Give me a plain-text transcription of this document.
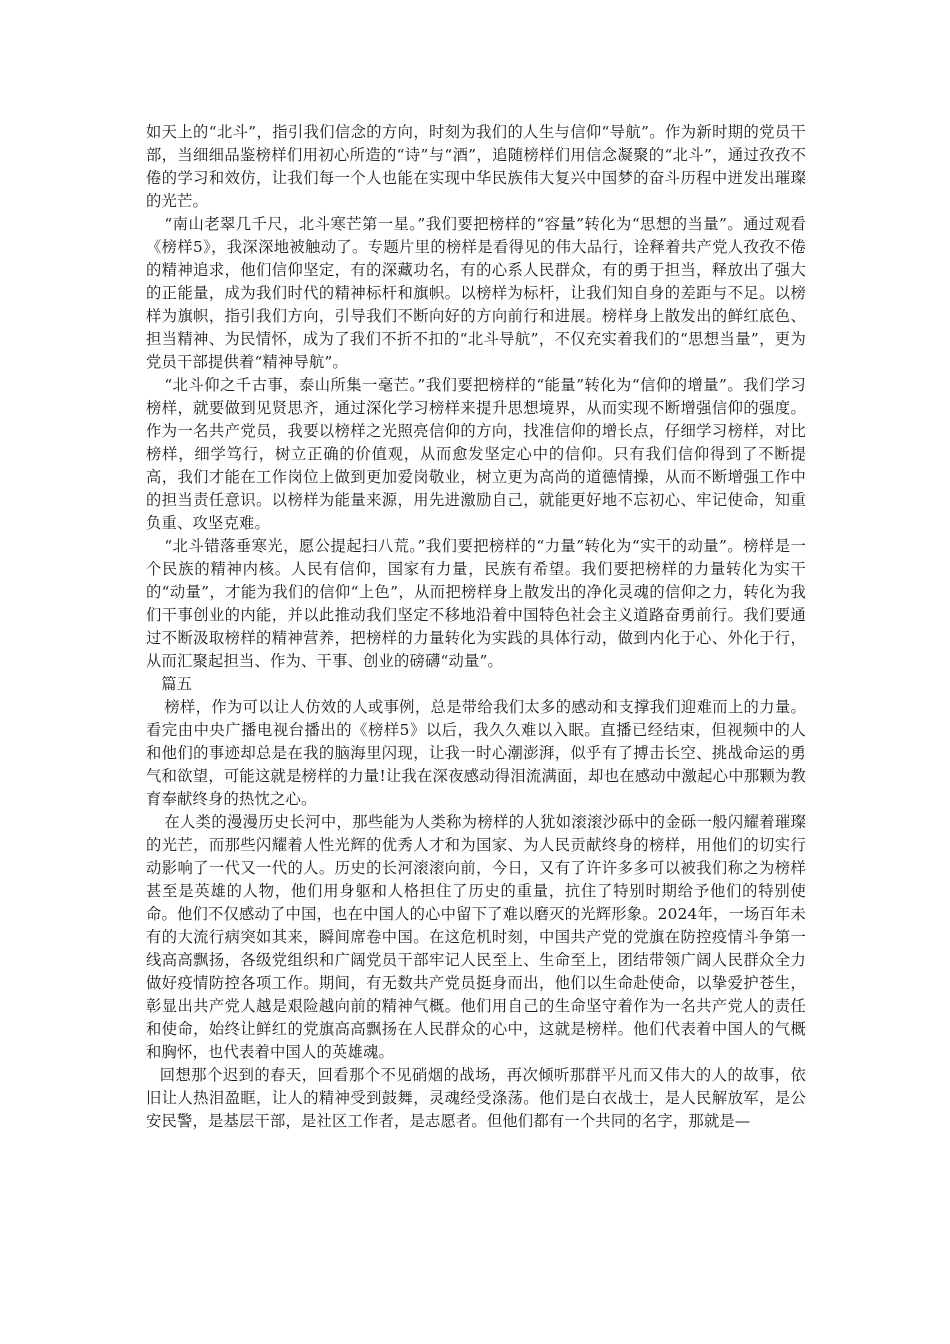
如天上的“北斗”，指引我们信念的方向，时刻为我们的人生与信仰“导航”。作为新时期的党员干部，当细细品鉴榜样们用初心所造的“诗”与“酒”，追随榜样们用信念凝聚的“北斗”，通过孜孜不倦的学习和效仿，让我们每一个人也能在实现中华民族伟大复兴中国梦的奋斗历程中迸发出璀璨的光芒。

“南山老翠几千尺，北斗寒芒第一星。”我们要把榜样的“容量”转化为“思想的当量”。通过观看《榜样5》，我深深地被触动了。专题片里的榜样是看得见的伟大品行，诠释着共产党人孜孜不倦的精神追求，他们信仰坚定，有的深藏功名，有的心系人民群众，有的勇于担当，释放出了强大的正能量，成为我们时代的精神标杆和旗帜。以榜样为标杆，让我们知自身的差距与不足。以榜样为旗帜，指引我们方向，引导我们不断向好的方向前行和进展。榜样身上散发出的鲜红底色、担当精神、为民情怀，成为了我们不折不扣的“北斗导航”，不仅充实着我们的“思想当量”，更为党员干部提供着“精神导航”。

“北斗仰之千古事，泰山所集一毫芒。”我们要把榜样的“能量”转化为“信仰的增量”。我们学习榜样，就要做到见贤思齐，通过深化学习榜样来提升思想境界，从而实现不断增强信仰的强度。作为一名共产党员，我要以榜样之光照亮信仰的方向，找准信仰的增长点，仔细学习榜样，对比榜样，细学笃行，树立正确的价值观，从而愈发坚定心中的信仰。只有我们信仰得到了不断提高，我们才能在工作岗位上做到更加爱岗敬业，树立更为高尚的道德情操，从而不断增强工作中的担当责任意识。以榜样为能量来源，用先进激励自己，就能更好地不忘初心、牢记使命，知重负重、攻坚克难。

“北斗错落垂寒光，愿公提起扫八荒。”我们要把榜样的“力量”转化为“实干的动量”。榜样是一个民族的精神内核。人民有信仰，国家有力量，民族有希望。我们要把榜样的力量转化为实干的“动量”，才能为我们的信仰“上色”，从而把榜样身上散发出的净化灵魂的信仰之力，转化为我们干事创业的内能，并以此推动我们坚定不移地沿着中国特色社会主义道路奋勇前行。我们要通过不断汲取榜样的精神营养，把榜样的力量转化为实践的具体行动，做到内化于心、外化于行，从而汇聚起担当、作为、干事、创业的磅礴“动量”。

篇五

榜样，作为可以让人仿效的人或事例，总是带给我们太多的感动和支撑我们迎难而上的力量。看完由中央广播电视台播出的《榜样5》以后，我久久难以入眠。直播已经结束，但视频中的人和他们的事迹却总是在我的脑海里闪现，让我一时心潮澎湃，似乎有了搏击长空、挑战命运的勇气和欲望，可能这就是榜样的力量!让我在深夜感动得泪流满面，却也在感动中激起心中那颗为教育奉献终身的热忱之心。

在人类的漫漫历史长河中，那些能为人类称为榜样的人犹如滚滚沙砾中的金砾一般闪耀着璀璨的光芒，而那些闪耀着人性光辉的优秀人才和为国家、为人民贡献终身的榜样，用他们的切实行动影响了一代又一代的人。历史的长河滚滚向前，今日，又有了许许多多可以被我们称之为榜样甚至是英雄的人物，他们用身躯和人格担住了历史的重量，抗住了特别时期给予他们的特别使命。他们不仅感动了中国，也在中国人的心中留下了难以磨灭的光辉形象。2024年，一场百年未有的大流行病突如其来，瞬间席卷中国。在这危机时刻，中国共产党的党旗在防控疫情斗争第一线高高飘扬，各级党组织和广阔党员干部牢记人民至上、生命至上，团结带领广阔人民群众全力做好疫情防控各项工作。期间，有无数共产党员挺身而出，他们以生命赴使命，以挚爱护苍生，彰显出共产党人越是艰险越向前的精神气概。他们用自己的生命坚守着作为一名共产党人的责任和使命，始终让鲜红的党旗高高飘扬在人民群众的心中，这就是榜样。他们代表着中国人的气概和胸怀，也代表着中国人的英雄魂。

回想那个迟到的春天，回看那个不见硝烟的战场，再次倾听那群平凡而又伟大的人的故事，依旧让人热泪盈眶，让人的精神受到鼓舞，灵魂经受涤荡。他们是白衣战士，是人民解放军，是公安民警，是基层干部，是社区工作者，是志愿者。但他们都有一个共同的名字，那就是—
